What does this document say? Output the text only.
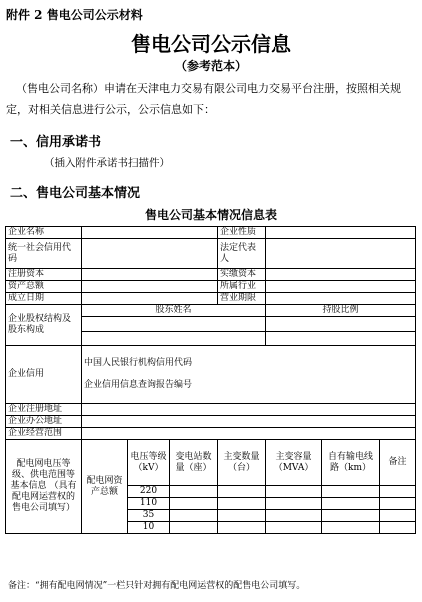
附件 2 售电公司公示材料
售电公司公示信息
（参考范本）
（售电公司名称）申请在天津电力交易有限公司电力交易平台注册，按照相关规定，对相关信息进行公示，公示信息如下：
一、信用承诺书
（插入附件承诺书扫描件）
二、售电公司基本情况
售电公司基本情况信息表
企业名称				企业性质			
统一社会信用代码				法定代表人			
注册资本				实缴资本			
资产总额				所属行业			
成立日期				营业期限			
企业股权结构及股东构成	股东姓名				持股比例		

企业信用	中国人民银行机构信用代码
企业信用信息查询报告编号						

企业注册地址							
企业办公地址							
企业经营范围							
配电网电压等级、供电范围等基本信息 （具有配电网运营权的售电公司填写）	配电网资产总额	电压等级（kV）	变电站数量（座）	主变数量（台）	主变容量（MVA）	自有输电线路（km）	备注
		220					
		110					
		35					
		10					
备注：“拥有配电网情况”一栏只针对拥有配电网运营权的配售电公司填写。
